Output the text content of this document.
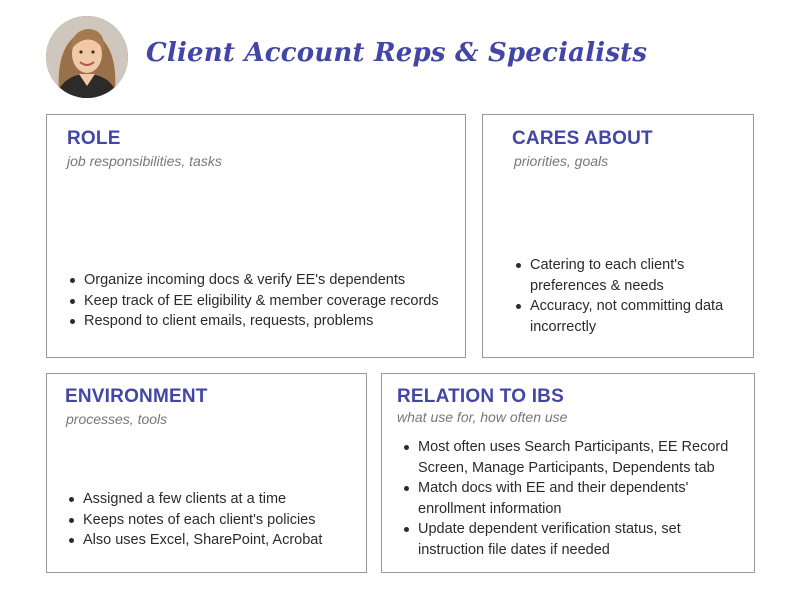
Client Account Reps & Specialists
ROLE
job responsibilities, tasks
Organize incoming docs & verify EE's dependents
Keep track of EE eligibility & member coverage records
Respond to client emails, requests, problems
CARES ABOUT
priorities, goals
Catering to each client's preferences & needs
Accuracy, not committing data incorrectly
ENVIRONMENT
processes, tools
Assigned a few clients at a time
Keeps notes of each client's policies
Also uses Excel, SharePoint, Acrobat
RELATION TO IBS
what use for, how often use
Most often uses Search Participants, EE Record Screen, Manage Participants, Dependents tab
Match docs with EE and their dependents' enrollment information
Update dependent verification status, set instruction file dates if needed
